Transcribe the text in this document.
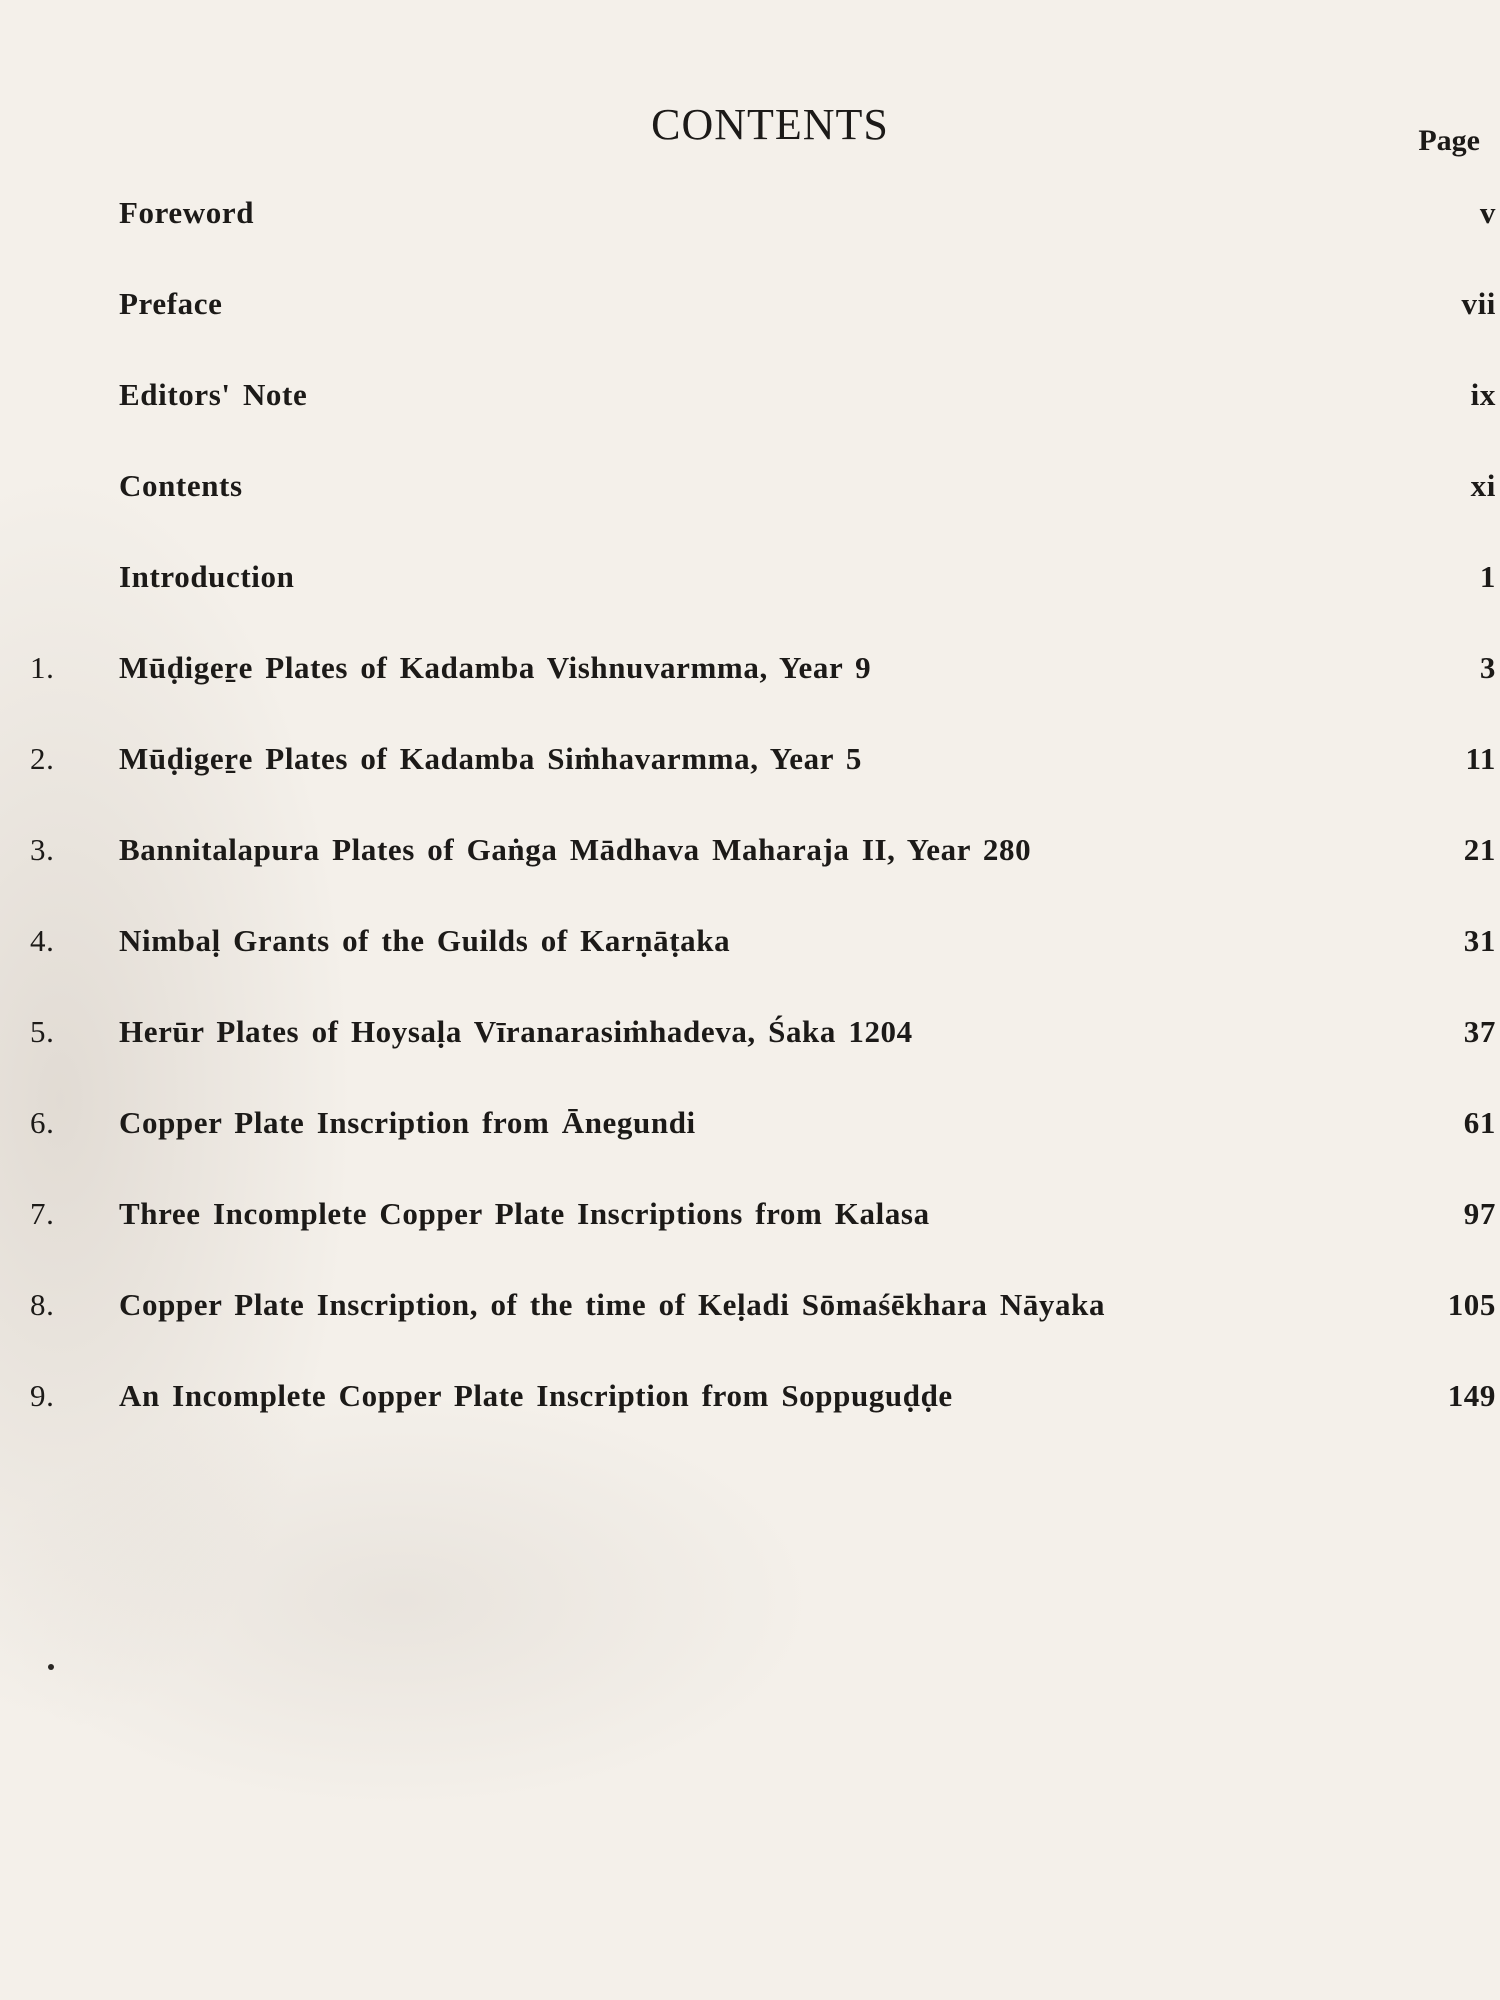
CONTENTS	Page
Foreword	v
Preface	vii
Editors' Note	ix
Contents	xi
Introduction	1
1. Mūḍigeṟe Plates of Kadamba Vishnuvarmma, Year 9	3
2. Mūḍigeṟe Plates of Kadamba Siṁhavarmma, Year 5	11
3. Bannitalapura Plates of Gaṅga Mādhava Maharaja II, Year 280	21
4. Nimbaḷ Grants of the Guilds of Karṇāṭaka	31
5. Herūr Plates of Hoysaḷa Vīranarasiṁhadeva, Śaka 1204	37
6. Copper Plate Inscription from Ānegundi	61
7. Three Incomplete Copper Plate Inscriptions from Kalasa	97
8. Copper Plate Inscription, of the time of Keḷadi Sōmaśēkhara Nāyaka	105
9. An Incomplete Copper Plate Inscription from Soppuguḍḍe	149
